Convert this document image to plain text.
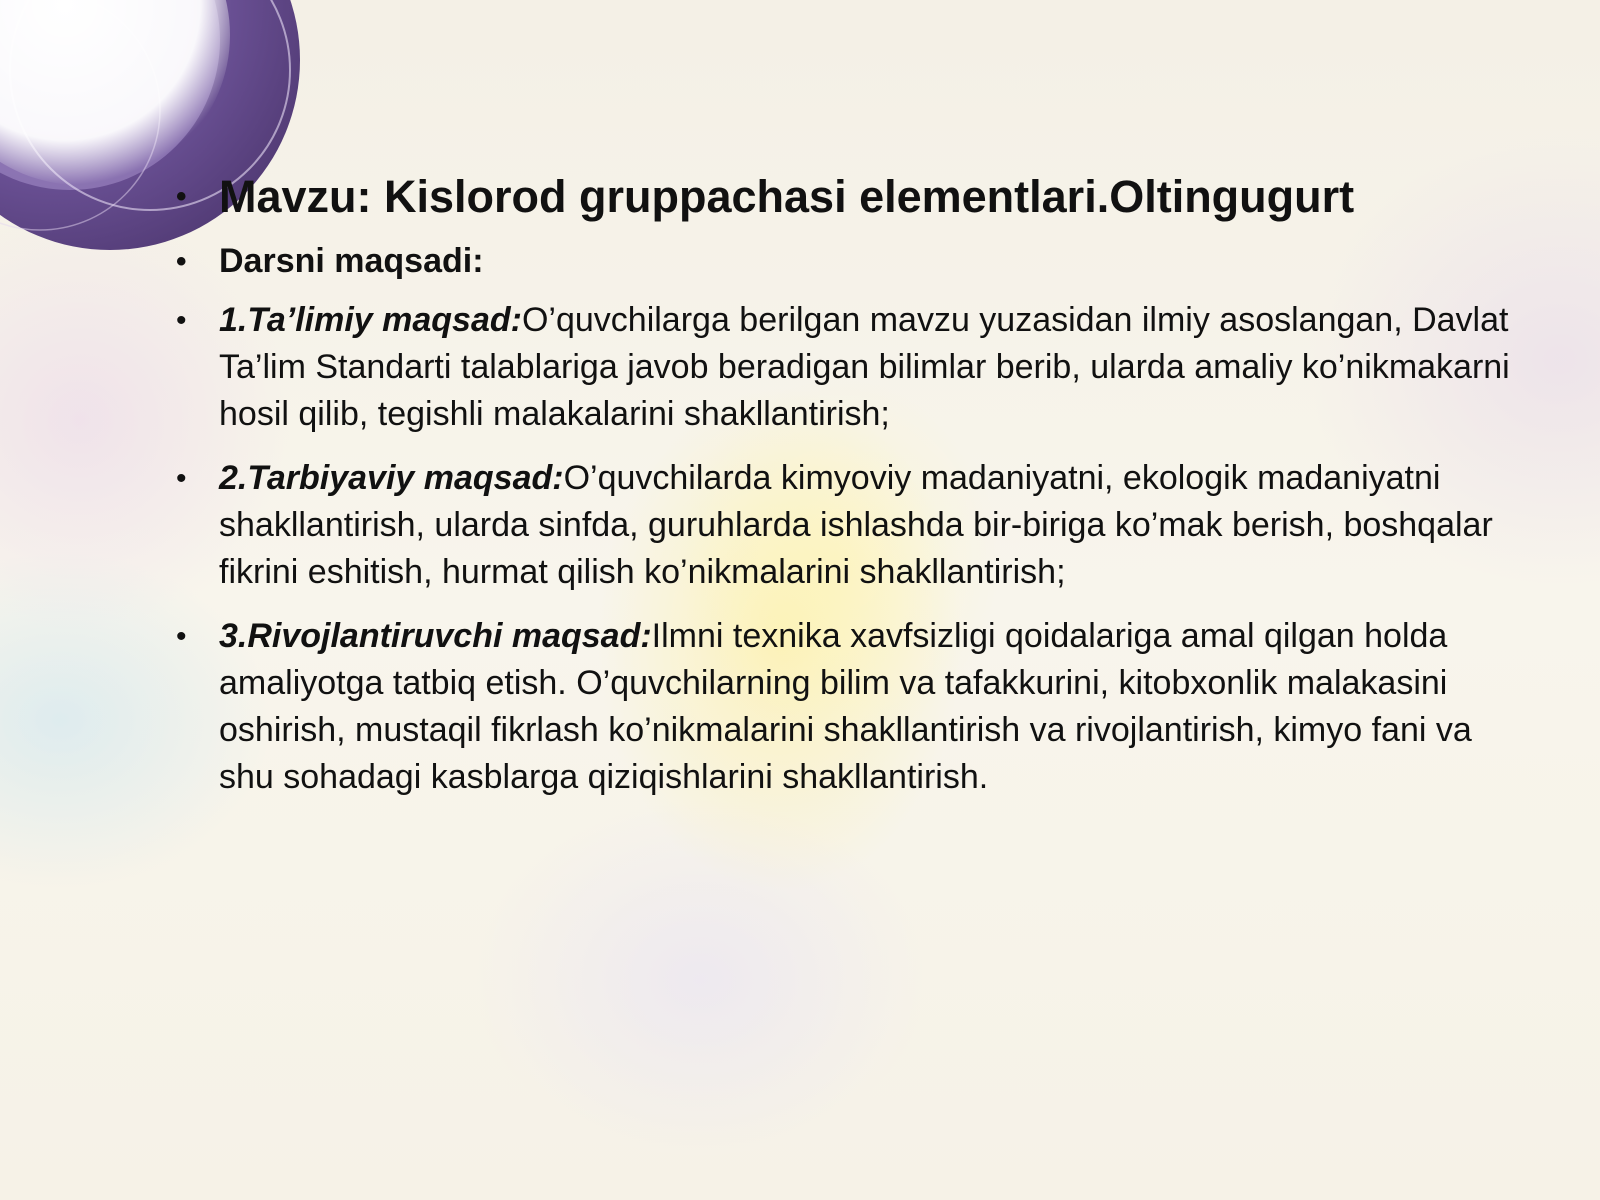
• Mavzu: Kislorod gruppachasi elementlari.Oltingugurt
• Darsni maqsadi:
• 1.Ta’limiy maqsad:O’quvchilarga berilgan mavzu yuzasidan ilmiy asoslangan, Davlat Ta’lim Standarti talablariga javob beradigan bilimlar berib, ularda amaliy ko’nikmakarni hosil qilib, tegishli malakalarini shakllantirish;
• 2.Tarbiyaviy maqsad:O’quvchilarda kimyoviy madaniyatni, ekologik madaniyatni shakllantirish, ularda sinfda, guruhlarda ishlashda bir-biriga ko’mak berish, boshqalar fikrini eshitish, hurmat qilish ko’nikmalarini shakllantirish;
• 3.Rivojlantiruvchi maqsad:Ilmni texnika xavfsizligi qoidalariga amal qilgan holda amaliyotga tatbiq etish. O’quvchilarning bilim va tafakkurini, kitobxonlik malakasini oshirish, mustaqil fikrlash ko’nikmalarini shakllantirish va rivojlantirish, kimyo fani va shu sohadagi kasblarga qiziqishlarini shakllantirish.
